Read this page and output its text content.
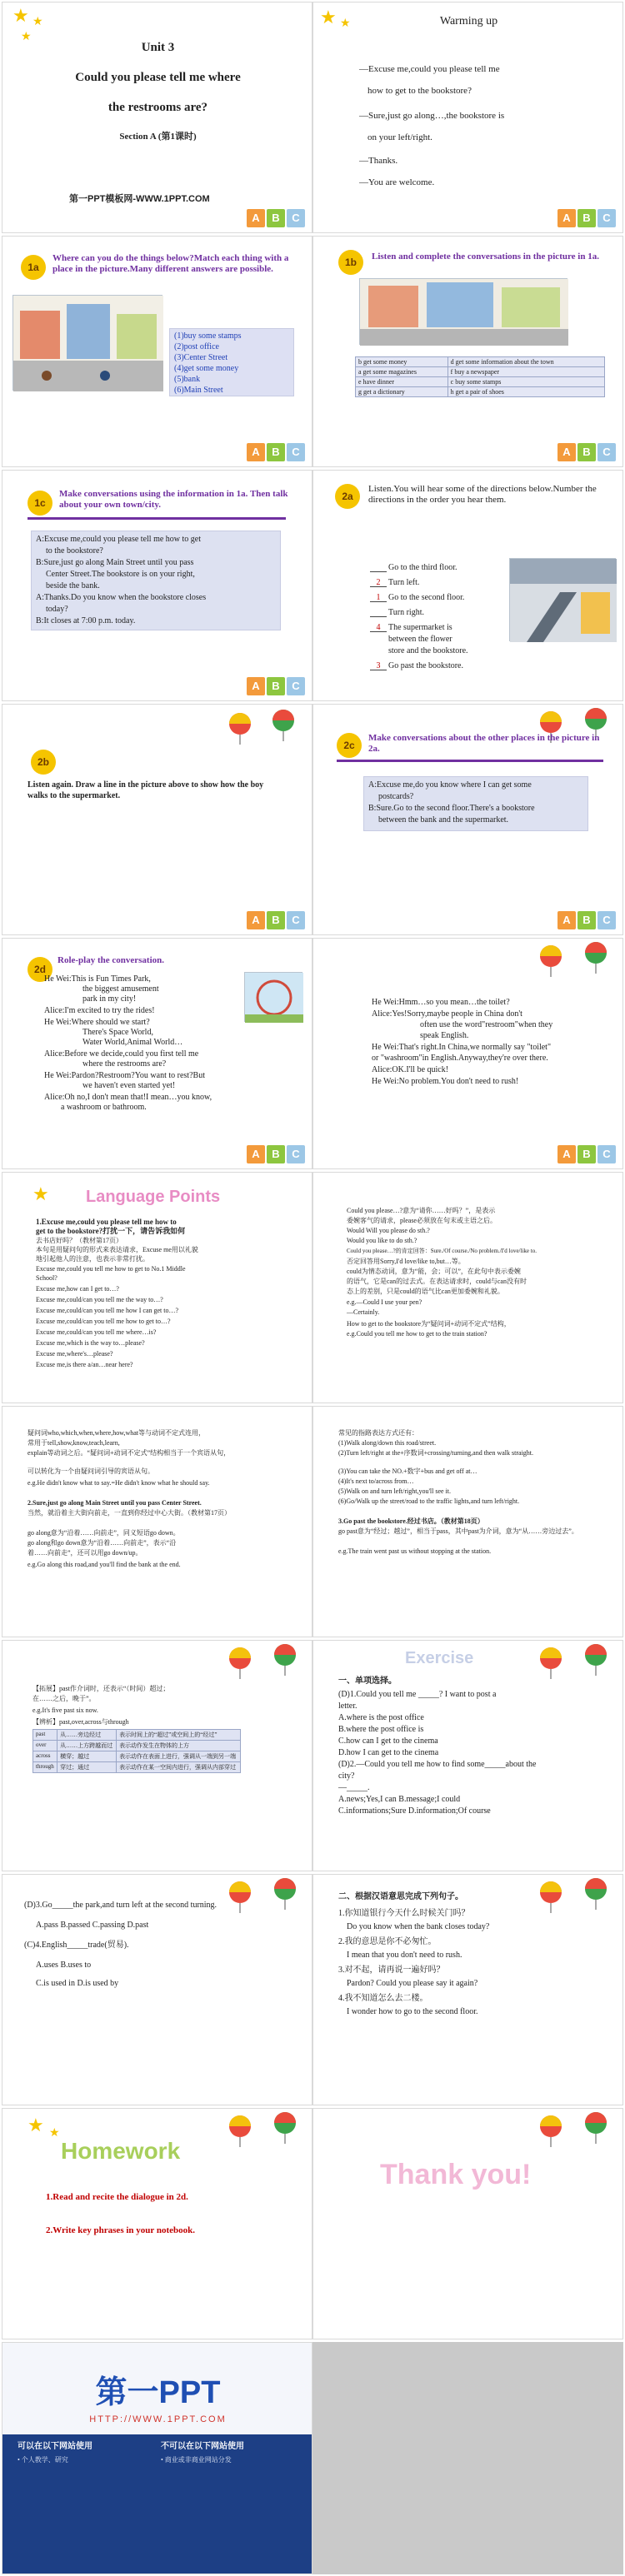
★ ★
★
Unit 3
Could you please tell me where
the restrooms are?
Section A (第1课时)
第一PPT模板网-WWW.1PPT.COM
A	B	C
★ ★	Warming up
—Excuse me,could you please tell me
how to get to the bookstore?
—Sure,just go along…,the bookstore is
on your left/right.
—Thanks.
—You are welcome.
A	B	C
1a
Where can you do the things below?Match each thing with a place in the picture.Many different answers are possible.
(1)buy some stamps
(2)post office
(3)Center Street
(4)get some money
(5)bank
(6)Main Street
A	B	C
1b	Listen and complete the conversations in the picture in 1a.
b get some money	d get some information about the town
a get some magazines	f buy a newspaper
e have dinner	c buy some stamps
g get a dictionary	h get a pair of shoes
A	B	C
1c
Make conversations using the information in 1a. Then talk about your own town/city.
A:Excuse me,could you please tell me how to get
to the bookstore?
B:Sure,just go along Main Street until you pass
Center Street.The bookstore is on your right,
beside the bank.
A:Thanks.Do you know when the bookstore closes
today?
B:It closes at 7:00 p.m. today.
A	B	C
2a
Listen.You will hear some of the directions below.Number the directions in the order you hear them.
Go to the third floor.
2 Turn left.
1 Go to the second floor.
Turn right.
4 The supermarket is
between the flower
store and the bookstore.
3 Go past the bookstore.
2b
Listen again. Draw a line in the picture above to show how the boy walks to the supermarket.
A	B	C
2c
Make conversations about the other places in the picture in 2a.
A:Excuse me,do you know where I can get some
postcards?
B:Sure.Go to the second floor.There's a bookstore
between the bank and the supermarket.
A	B	C
2d
Role-play the conversation.
He Wei:This is Fun Times Park,
the biggest amusement
park in my city!
Alice:I'm excited to try the rides!
He Wei:Where should we start?
There's Space World,
Water World,Animal World…
Alice:Before we decide,could you first tell me
where the restrooms are?
He Wei:Pardon?Restroom?You want to rest?But
we haven't even started yet!
Alice:Oh no,I don't mean that!I mean…you know,
a washroom or bathroom.
A	B	C
He Wei:Hmm…so you mean…the toilet?
Alice:Yes!Sorry,maybe people in China don't
often use the word"restroom"when they
speak English.
He Wei:That's right.In China,we normally say "toilet"
or "washroom"in English.Anyway,they're over there.
Alice:OK.I'll be quick!
He Wei:No problem.You don't need to rush!
A	B	C
★ Language Points
1.Excuse me,could you please tell me how to
get to the bookstore?打扰一下，请告诉我如何
去书店好吗？（教材第17页）
本句是用疑问句的形式来表达请求，Excuse me用以礼貌
地引起他人的注意，也表示非常打扰。
Excuse me,could you tell me how to get to No.1 Middle
School?
Excuse me,how can I get to…?
Excuse me,could/can you tell me the way to…?
Excuse me,could/can you tell me how I can get to…?
Excuse me,could/can you tell me how to get to…?
Excuse me,could/can you tell me where…is?
Excuse me,which is the way to…please?
Excuse me,where's…please?
Excuse me,is there a/an…near here?
Could you please…?意为“请你……好吗？”，是表示
委婉客气的请求，please必须放在句末或主语之后。
Would Will you please do sth.?
Would you like to do sth.?
Could you please…?的肯定回答：Sure./Of course./No problem./I'd love/like to.
否定回答用Sorry,I'd love/like to,but…等。
could为情态动词，意为“能，会；可以”，在此句中表示委婉
的语气，它是can的过去式。在表达请求时，could与can没有时
态上的差别，只是could的语气比can更加委婉和礼貌。
e.g.—Could I use your pen?
—Certainly.
How to get to the bookstore为“疑问词+动词不定式”结构，
e.g.Could you tell me how to get to the train station?
疑问词who,which,when,where,how,what等与动词不定式连用，
常用于tell,show,know,teach,learn,
explain等动词之后。“疑问词+动词不定式”结构相当于一个宾语从句，
可以转化为一个由疑问词引导的宾语从句。
e.g.He didn't know what to say.=He didn't know what he should say.
2.Sure,just go along Main Street until you pass Center Street.
当然，就沿着主大街向前走，一直到你经过中心大街。（教材第17页）
go along意为“沿着……向前走”，同义短语go down。
go along和go down意为“沿着……向前走”，表示“沿
着……向前走”，还可以用go down/up。
e.g.Go along this road,and you'll find the bank at the end.
常见的指路表达方式还有：
(1)Walk along/down this road/street.
(2)Turn left/right at the+序数词+crossing/turning,and then walk straight.
(3)You can take the NO.+数字+bus and get off at…
(4)It's next to/across from…
(5)Walk on and turn left/right,you'll see it.
(6)Go/Walk up the street/road to the traffic lights,and turn left/right.
3.Go past the bookstore.经过书店。（教材第18页）
go past意为“经过；越过”，相当于pass，其中past为介词，意为“从……旁边过去”。
e.g.The train went past us without stopping at the station.
【拓展】past作介词时，还表示“（时间）超过；
在……之后，晚于”。
e.g.It's five past six now.
【辨析】past,over,across与through
past	从……旁边经过	表示时间上的“超过”或空间上的“经过”
over	从……上方跨越而过	表示动作发生在物体的上方
across	横穿；越过	表示动作在表面上进行，强调从一端到另一端
through	穿过；通过	表示动作在某一空间内进行，强调从内部穿过
Exercise
一、单项选择。
(D)1.Could you tell me _____? I want to post a
letter.
A.where is the post office
B.where the post office is
C.how can I get to the cinema
D.how I can get to the cinema
(D)2.—Could you tell me how to find some_____about the
city?
—_____.
A.news;Yes,I can B.message;I could
C.informations;Sure D.information;Of course
(D)3.Go_____the park,and turn left at the second turning.
A.pass B.passed C.passing D.past
(C)4.English_____trade(贸易).
A.uses B.uses to
C.is used in D.is used by
二、根据汉语意思完成下列句子。
1.你知道银行今天什么时候关门吗？
Do you know when the bank closes today?
2.我的意思是你不必匆忙。
I mean that you don't need to rush.
3.对不起，请再说一遍好吗？
Pardon? Could you please say it again?
4.我不知道怎么去二楼。
I wonder how to go to the second floor.
★ ★
Homework
1.Read and recite the dialogue in 2d.
2.Write key phrases in your notebook.
Thank you!
第一PPT
HTTP://WWW.1PPT.COM
可以在以下网站使用	不可以在以下网站使用
• 个人教学、研究	• 商业或非商业网站分发
